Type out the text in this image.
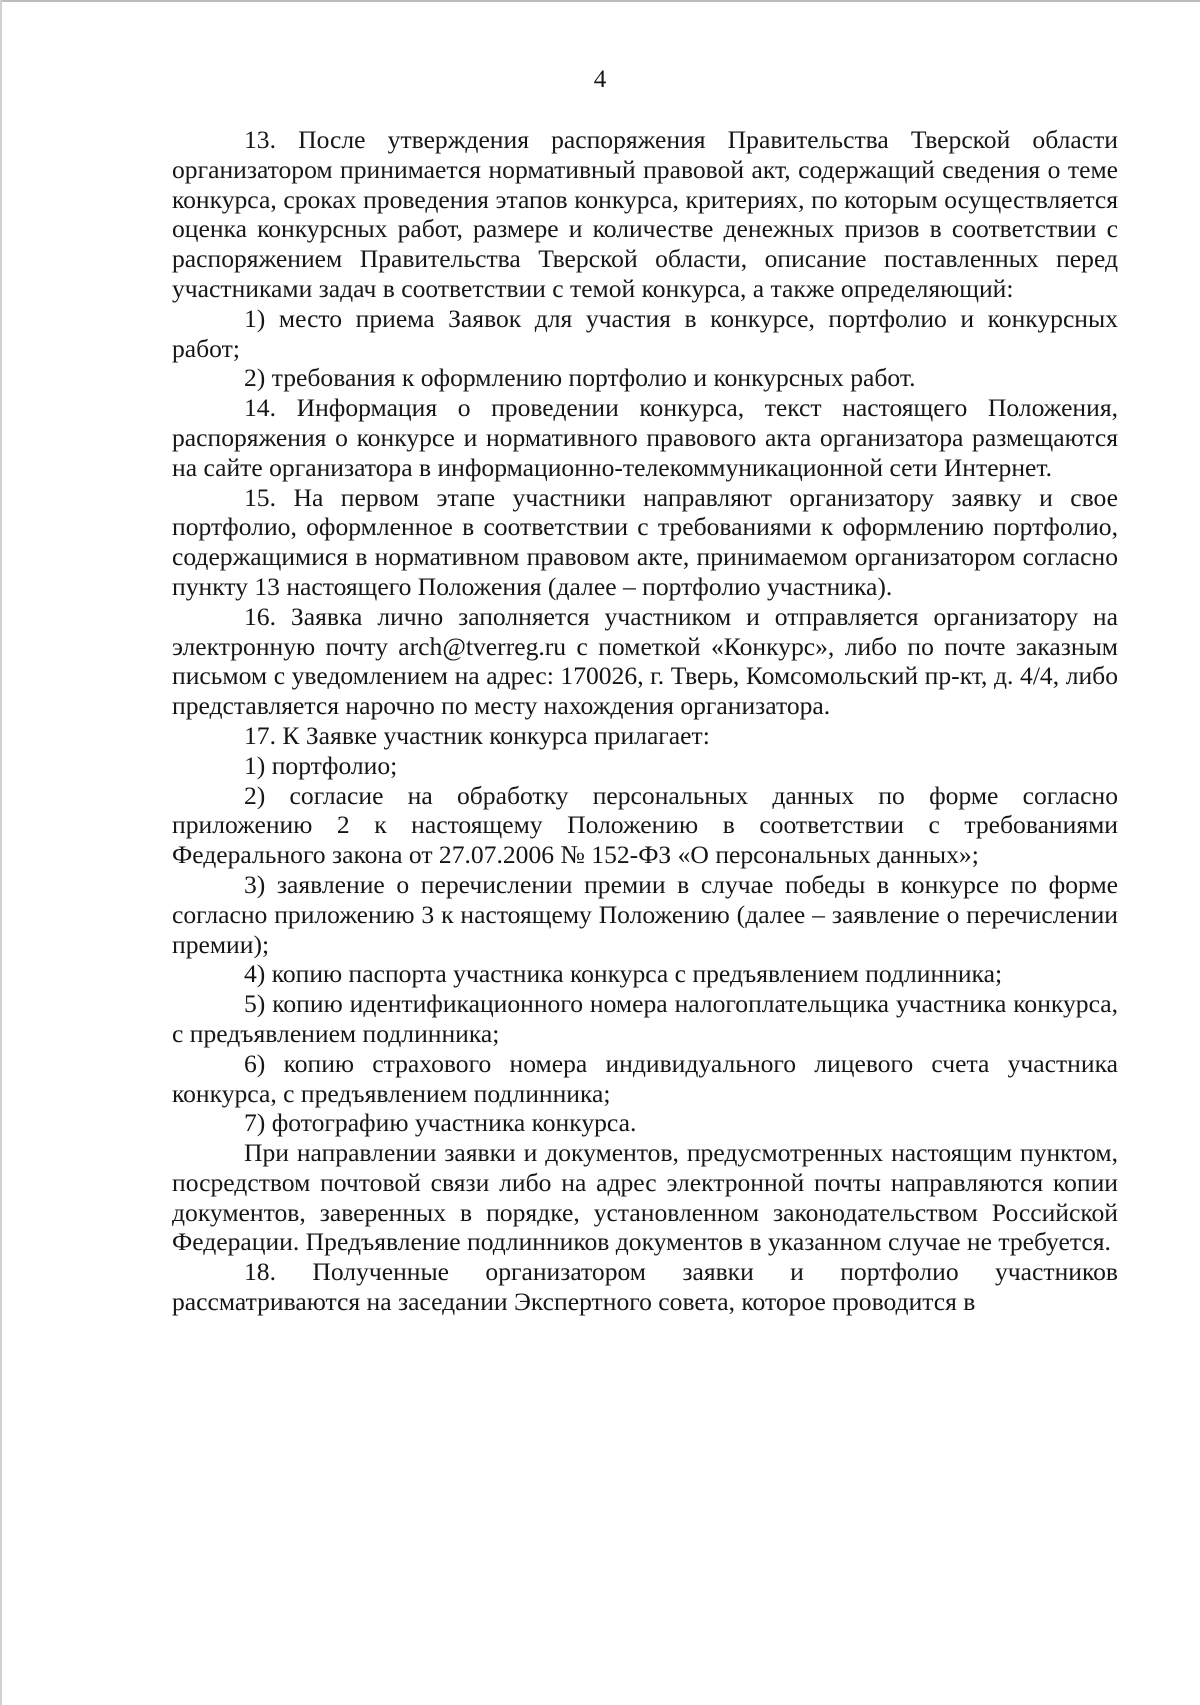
4

13. После утверждения распоряжения Правительства Тверской области организатором принимается нормативный правовой акт, содержащий сведения о теме конкурса, сроках проведения этапов конкурса, критериях, по которым осуществляется оценка конкурсных работ, размере и количестве денежных призов в соответствии с распоряжением Правительства Тверской области, описание поставленных перед участниками задач в соответствии с темой конкурса, а также определяющий:

1) место приема Заявок для участия в конкурсе, портфолио и конкурсных работ;

2) требования к оформлению портфолио и конкурсных работ.

14. Информация о проведении конкурса, текст настоящего Положения, распоряжения о конкурсе и нормативного правового акта организатора размещаются на сайте организатора в информационно-телекоммуникационной сети Интернет.

15. На первом этапе участники направляют организатору заявку и свое портфолио, оформленное в соответствии с требованиями к оформлению портфолио, содержащимися в нормативном правовом акте, принимаемом организатором согласно пункту 13 настоящего Положения (далее – портфолио участника).

16. Заявка лично заполняется участником и отправляется организатору на электронную почту arch@tverreg.ru с пометкой «Конкурс», либо по почте заказным письмом с уведомлением на адрес: 170026, г. Тверь, Комсомольский пр-кт, д. 4/4, либо представляется нарочно по месту нахождения организатора.

17. К Заявке участник конкурса прилагает:

1) портфолио;

2) согласие на обработку персональных данных по форме согласно приложению 2 к настоящему Положению в соответствии с требованиями Федерального закона от 27.07.2006 № 152-ФЗ «О персональных данных»;

3) заявление о перечислении премии в случае победы в конкурсе по форме согласно приложению 3 к настоящему Положению (далее – заявление о перечислении премии);

4) копию паспорта участника конкурса с предъявлением подлинника;

5) копию идентификационного номера налогоплательщика участника конкурса, с предъявлением подлинника;

6) копию страхового номера индивидуального лицевого счета участника конкурса, с предъявлением подлинника;

7) фотографию участника конкурса.

При направлении заявки и документов, предусмотренных настоящим пунктом, посредством почтовой связи либо на адрес электронной почты направляются копии документов, заверенных в порядке, установленном законодательством Российской Федерации. Предъявление подлинников документов в указанном случае не требуется.

18. Полученные организатором заявки и портфолио участников рассматриваются на заседании Экспертного совета, которое проводится в
